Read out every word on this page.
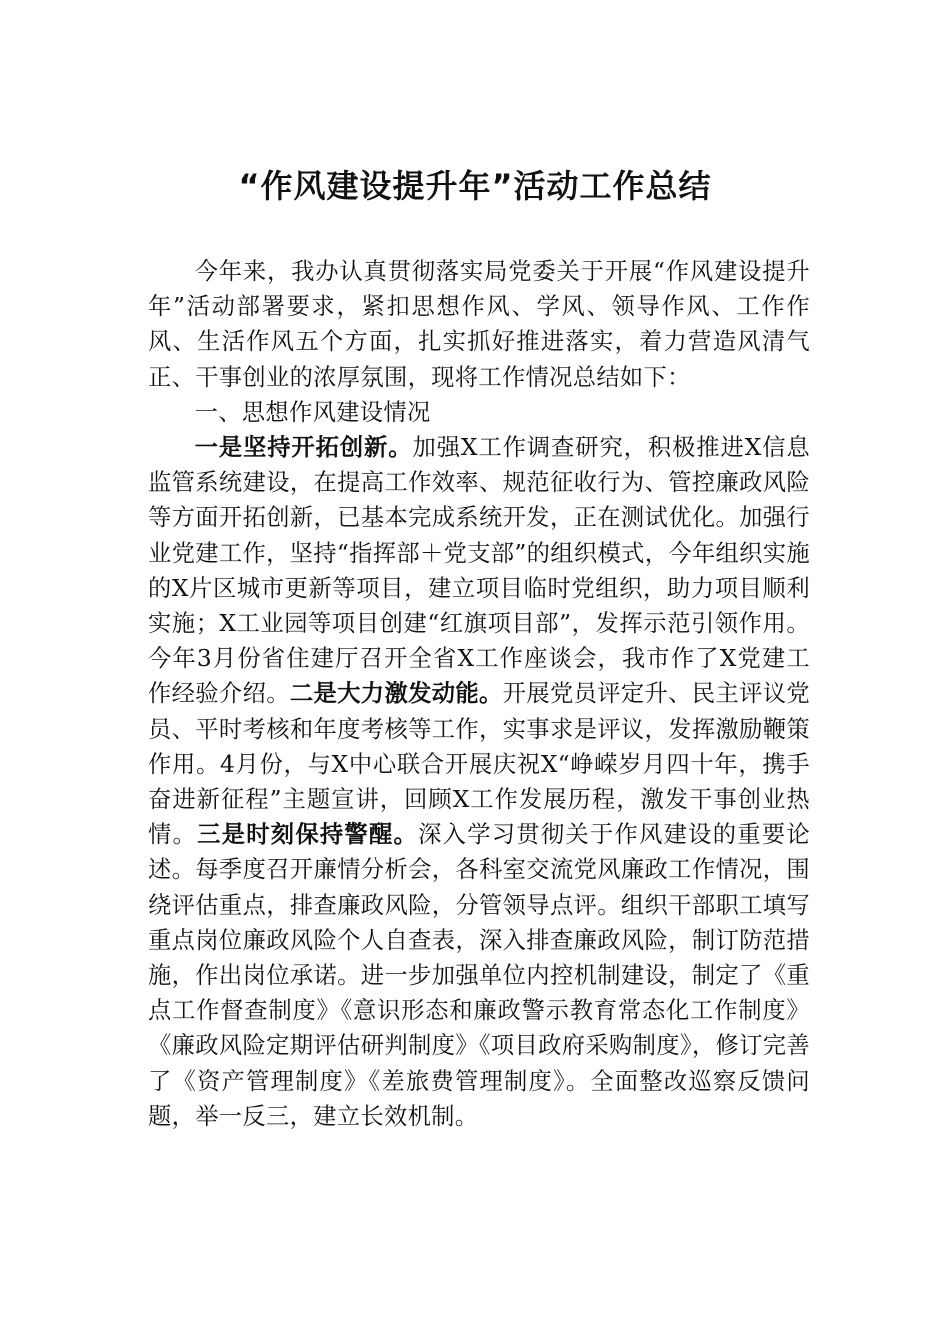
“作风建设提升年”活动工作总结

今年来，我办认真贯彻落实局党委关于开展“作风建设提升年”活动部署要求，紧扣思想作风、学风、领导作风、工作作风、生活作风五个方面，扎实抓好推进落实，着力营造风清气正、干事创业的浓厚氛围，现将工作情况总结如下：

一、思想作风建设情况

一是坚持开拓创新。加强X工作调查研究，积极推进X信息监管系统建设，在提高工作效率、规范征收行为、管控廉政风险等方面开拓创新，已基本完成系统开发，正在测试优化。加强行业党建工作，坚持“指挥部＋党支部”的组织模式，今年组织实施的X片区城市更新等项目，建立项目临时党组织，助力项目顺利实施；X工业园等项目创建“红旗项目部”，发挥示范引领作用。今年3月份省住建厅召开全省X工作座谈会，我市作了X党建工作经验介绍。二是大力激发动能。开展党员评定升、民主评议党员、平时考核和年度考核等工作，实事求是评议，发挥激励鞭策作用。4月份，与X中心联合开展庆祝X“峥嵘岁月四十年，携手奋进新征程”主题宣讲，回顾X工作发展历程，激发干事创业热情。三是时刻保持警醒。深入学习贯彻关于作风建设的重要论述。每季度召开廉情分析会，各科室交流党风廉政工作情况，围绕评估重点，排查廉政风险，分管领导点评。组织干部职工填写重点岗位廉政风险个人自查表，深入排查廉政风险，制订防范措施，作出岗位承诺。进一步加强单位内控机制建设，制定了《重点工作督查制度》《意识形态和廉政警示教育常态化工作制度》《廉政风险定期评估研判制度》《项目政府采购制度》，修订完善了《资产管理制度》《差旅费管理制度》。全面整改巡察反馈问题，举一反三，建立长效机制。
